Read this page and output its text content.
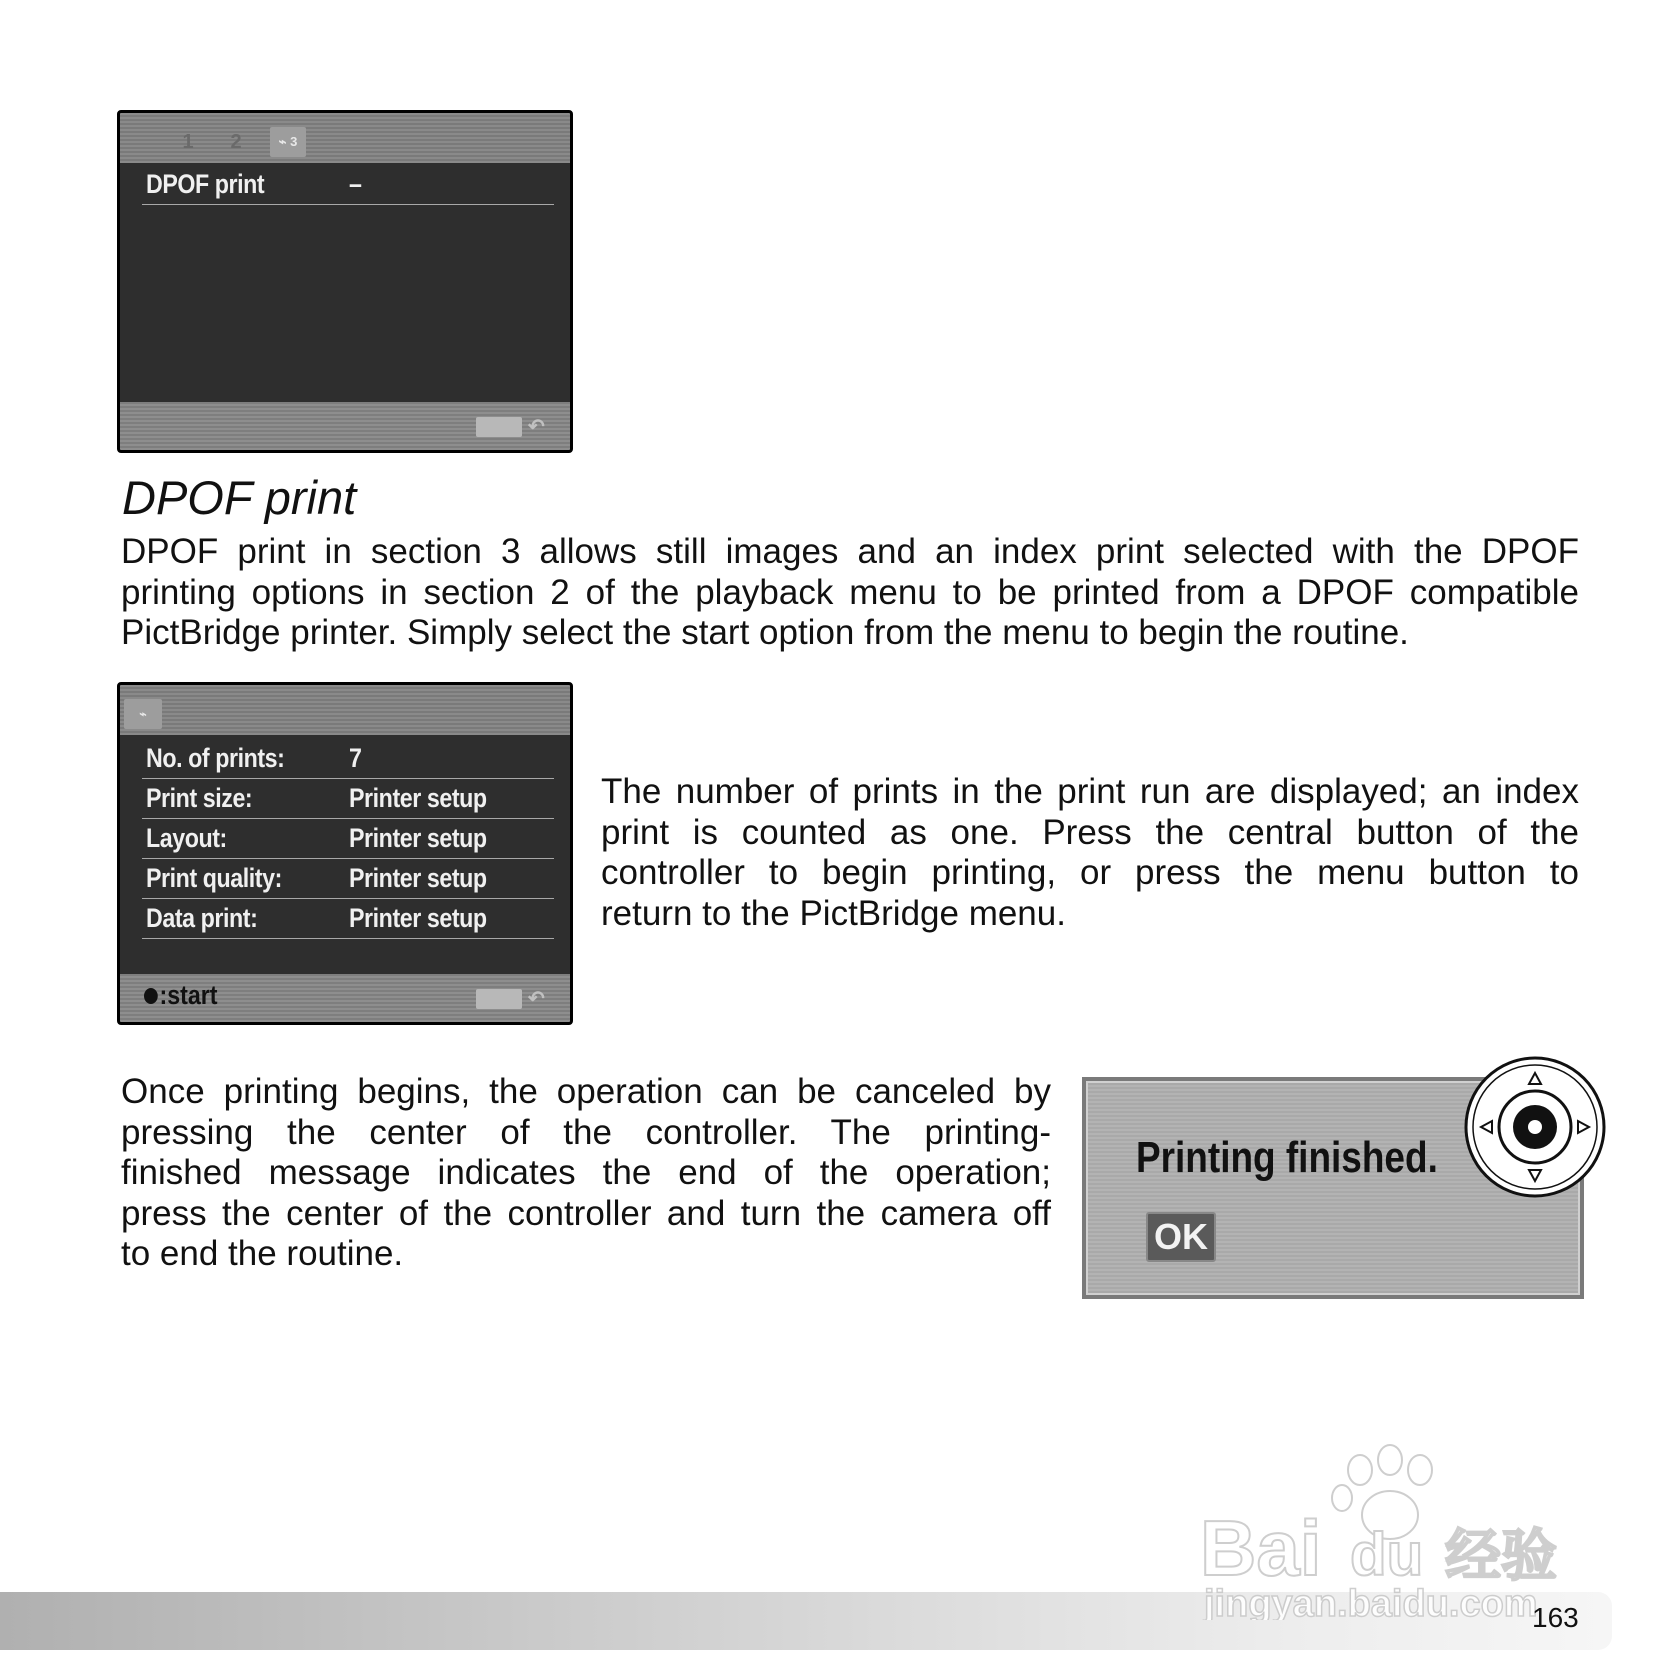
1	2	⌁ 3
DPOF print	–
↶
DPOF print
DPOF print in section 3 allows still images and an index print selected with the DPOF
printing options in section 2 of the playback menu to be printed from a DPOF compatible
PictBridge printer. Simply select the start option from the menu to begin the routine.
⌁
No. of prints: 7
Print size:	Printer setup
Layout:	Printer setup
Print quality: Printer setup
Data print:	Printer setup
:start	↶
The number of prints in the print run are displayed; an index
print is counted as one. Press the central button of the
controller to begin printing, or press the menu button to
return to the PictBridge menu.
Once printing begins, the operation can be canceled by
pressing the center of the controller. The printing-
finished message indicates the end of the operation;
press the center of the controller and turn the camera off
to end the routine.
Printing finished.
OK
Bai du 经验
jingyan.baidu.com
163
